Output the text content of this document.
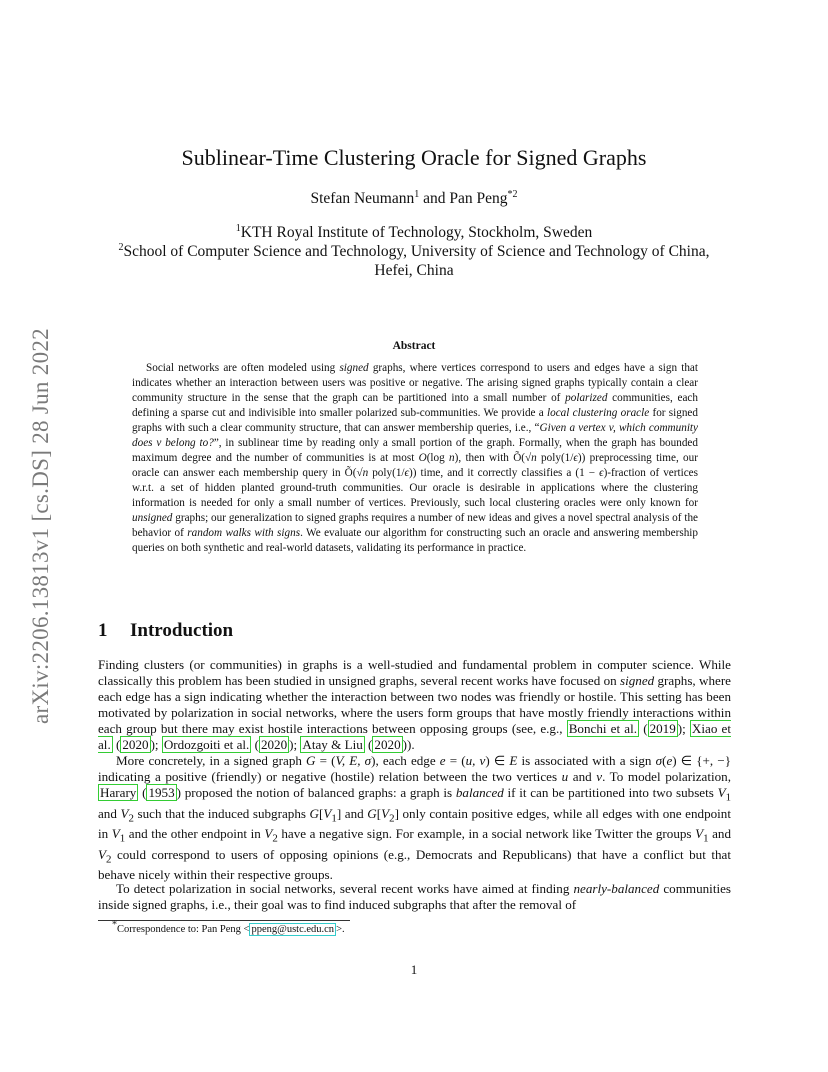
arXiv:2206.13813v1 [cs.DS] 28 Jun 2022
Sublinear-Time Clustering Oracle for Signed Graphs
Stefan Neumann$^1$ and Pan Peng$^{*2}$
$^1$KTH Royal Institute of Technology, Stockholm, Sweden
$^2$School of Computer Science and Technology, University of Science and Technology of China,
Hefei, China
Abstract

Social networks are often modeled using signed graphs, where vertices correspond to users and edges have a sign that indicates whether an interaction between users was positive or negative. The arising signed graphs typically contain a clear community structure in the sense that the graph can be partitioned into a small number of polarized communities, each defining a sparse cut and indivisible into smaller polarized sub-communities. We provide a local clustering oracle for signed graphs with such a clear community structure, that can answer membership queries, i.e., “Given a vertex v, which community does v belong to?”, in sublinear time by reading only a small portion of the graph. Formally, when the graph has bounded maximum degree and the number of communities is at most O(log n), then with Õ(√n poly(1/ϵ)) preprocessing time, our oracle can answer each membership query in Õ(√n poly(1/ϵ)) time, and it correctly classifies a (1 − ϵ)-fraction of vertices w.r.t. a set of hidden planted ground-truth communities. Our oracle is desirable in applications where the clustering information is needed for only a small number of vertices. Previously, such local clustering oracles were only known for unsigned graphs; our generalization to signed graphs requires a number of new ideas and gives a novel spectral analysis of the behavior of random walks with signs. We evaluate our algorithm for constructing such an oracle and answering membership queries on both synthetic and real-world datasets, validating its performance in practice.

1 Introduction

Finding clusters (or communities) in graphs is a well-studied and fundamental problem in computer science. While classically this problem has been studied in unsigned graphs, several recent works have focused on signed graphs, where each edge has a sign indicating whether the interaction between two nodes was friendly or hostile. This setting has been motivated by polarization in social networks, where the users form groups that have mostly friendly interactions within each group but there may exist hostile interactions between opposing groups (see, e.g., Bonchi et al. ( 2019 ); Xiao et al. ( 2020 ); Ordozgoiti et al. ( 2020 ); Atay & Liu ( 2020 )).

More concretely, in a signed graph G = (V, E, σ), each edge e = (u, v) ∈ E is associated with a sign σ(e) ∈ {+, −} indicating a positive (friendly) or negative (hostile) relation between the two vertices u and v. To model polarization, Harary ( 1953 ) proposed the notion of balanced graphs: a graph is balanced if it can be partitioned into two subsets $V_1$ and $V_2$ such that the induced subgraphs $G[V_1]$ and $G[V_2]$ only contain positive edges, while all edges with one endpoint in $V_1$ and the other endpoint in $V_2$ have a negative sign. For example, in a social network like Twitter the groups $V_1$ and $V_2$ could correspond to users of opposing opinions (e.g., Democrats and Republicans) that have a conflict but that behave nicely within their respective groups.

To detect polarization in social networks, several recent works have aimed at finding nearly-balanced communities inside signed graphs, i.e., their goal was to find induced subgraphs that after the removal of

*Correspondence to: Pan Peng < ppeng@ustc.edu.cn >.
1
